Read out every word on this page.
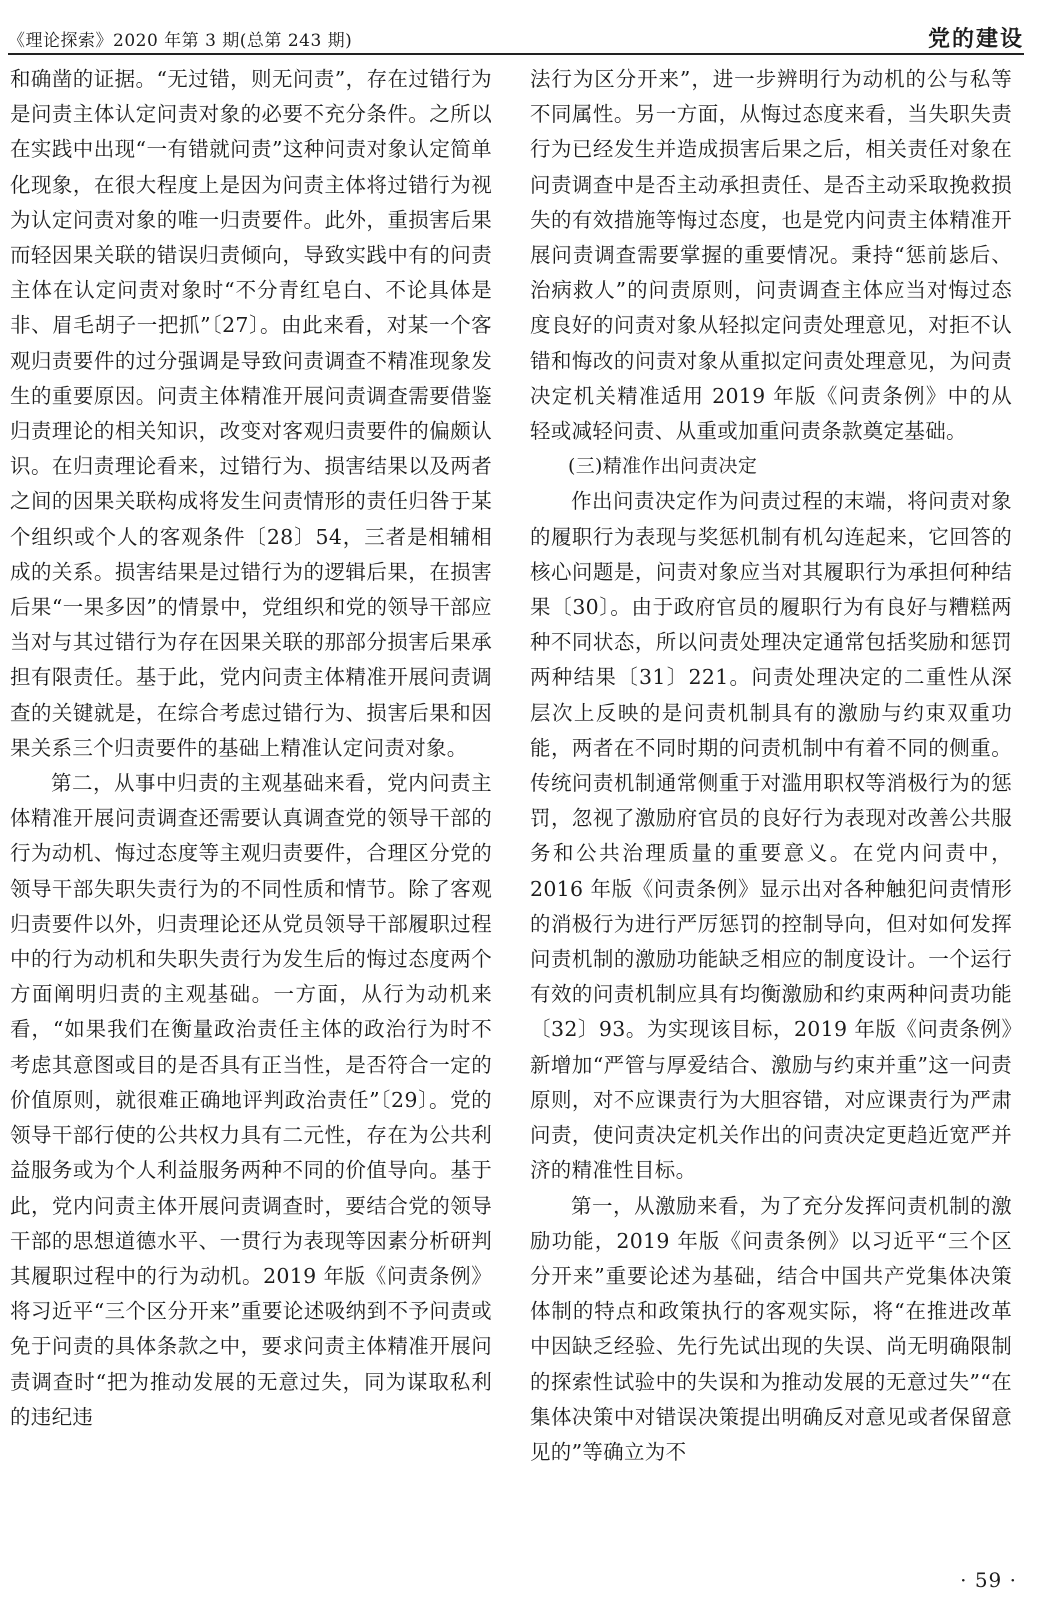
《理论探索》2020 年第 3 期(总第 243 期)	党的建设

和确凿的证据。“无过错，则无问责”，存在过错行为是问责主体认定问责对象的必要不充分条件。之所以在实践中出现“一有错就问责”这种问责对象认定简单化现象，在很大程度上是因为问责主体将过错行为视为认定问责对象的唯一归责要件。此外，重损害后果而轻因果关联的错误归责倾向，导致实践中有的问责主体在认定问责对象时“不分青红皂白、不论具体是非、眉毛胡子一把抓”〔27〕。由此来看，对某一个客观归责要件的过分强调是导致问责调查不精准现象发生的重要原因。问责主体精准开展问责调查需要借鉴归责理论的相关知识，改变对客观归责要件的偏颇认识。在归责理论看来，过错行为、损害结果以及两者之间的因果关联构成将发生问责情形的责任归咎于某个组织或个人的客观条件〔28〕54，三者是相辅相成的关系。损害结果是过错行为的逻辑后果，在损害后果“一果多因”的情景中，党组织和党的领导干部应当对与其过错行为存在因果关联的那部分损害后果承担有限责任。基于此，党内问责主体精准开展问责调查的关键就是，在综合考虑过错行为、损害后果和因果关系三个归责要件的基础上精准认定问责对象。

第二，从事中归责的主观基础来看，党内问责主体精准开展问责调查还需要认真调查党的领导干部的行为动机、悔过态度等主观归责要件，合理区分党的领导干部失职失责行为的不同性质和情节。除了客观归责要件以外，归责理论还从党员领导干部履职过程中的行为动机和失职失责行为发生后的悔过态度两个方面阐明归责的主观基础。一方面，从行为动机来看，“如果我们在衡量政治责任主体的政治行为时不考虑其意图或目的是否具有正当性，是否符合一定的价值原则，就很难正确地评判政治责任”〔29〕。党的领导干部行使的公共权力具有二元性，存在为公共利益服务或为个人利益服务两种不同的价值导向。基于此，党内问责主体开展问责调查时，要结合党的领导干部的思想道德水平、一贯行为表现等因素分析研判其履职过程中的行为动机。2019 年版《问责条例》将习近平“三个区分开来”重要论述吸纳到不予问责或免于问责的具体条款之中，要求问责主体精准开展问责调查时“把为推动发展的无意过失，同为谋取私利的违纪违

法行为区分开来”，进一步辨明行为动机的公与私等不同属性。另一方面，从悔过态度来看，当失职失责行为已经发生并造成损害后果之后，相关责任对象在问责调查中是否主动承担责任、是否主动采取挽救损失的有效措施等悔过态度，也是党内问责主体精准开展问责调查需要掌握的重要情况。秉持“惩前毖后、治病救人”的问责原则，问责调查主体应当对悔过态度良好的问责对象从轻拟定问责处理意见，对拒不认错和悔改的问责对象从重拟定问责处理意见，为问责决定机关精准适用 2019 年版《问责条例》中的从轻或减轻问责、从重或加重问责条款奠定基础。

(三)精准作出问责决定

作出问责决定作为问责过程的末端，将问责对象的履职行为表现与奖惩机制有机勾连起来，它回答的核心问题是，问责对象应当对其履职行为承担何种结果〔30〕。由于政府官员的履职行为有良好与糟糕两种不同状态，所以问责处理决定通常包括奖励和惩罚两种结果〔31〕221。问责处理决定的二重性从深层次上反映的是问责机制具有的激励与约束双重功能，两者在不同时期的问责机制中有着不同的侧重。传统问责机制通常侧重于对滥用职权等消极行为的惩罚，忽视了激励府官员的良好行为表现对改善公共服务和公共治理质量的重要意义。在党内问责中，2016 年版《问责条例》显示出对各种触犯问责情形的消极行为进行严厉惩罚的控制导向，但对如何发挥问责机制的激励功能缺乏相应的制度设计。一个运行有效的问责机制应具有均衡激励和约束两种问责功能〔32〕93。为实现该目标，2019 年版《问责条例》新增加“严管与厚爱结合、激励与约束并重”这一问责原则，对不应课责行为大胆容错，对应课责行为严肃问责，使问责决定机关作出的问责决定更趋近宽严并济的精准性目标。

第一，从激励来看，为了充分发挥问责机制的激励功能，2019 年版《问责条例》以习近平“三个区分开来”重要论述为基础，结合中国共产党集体决策体制的特点和政策执行的客观实际，将“在推进改革中因缺乏经验、先行先试出现的失误、尚无明确限制的探索性试验中的失误和为推动发展的无意过失”“在集体决策中对错误决策提出明确反对意见或者保留意见的”等确立为不

· 59 ·
